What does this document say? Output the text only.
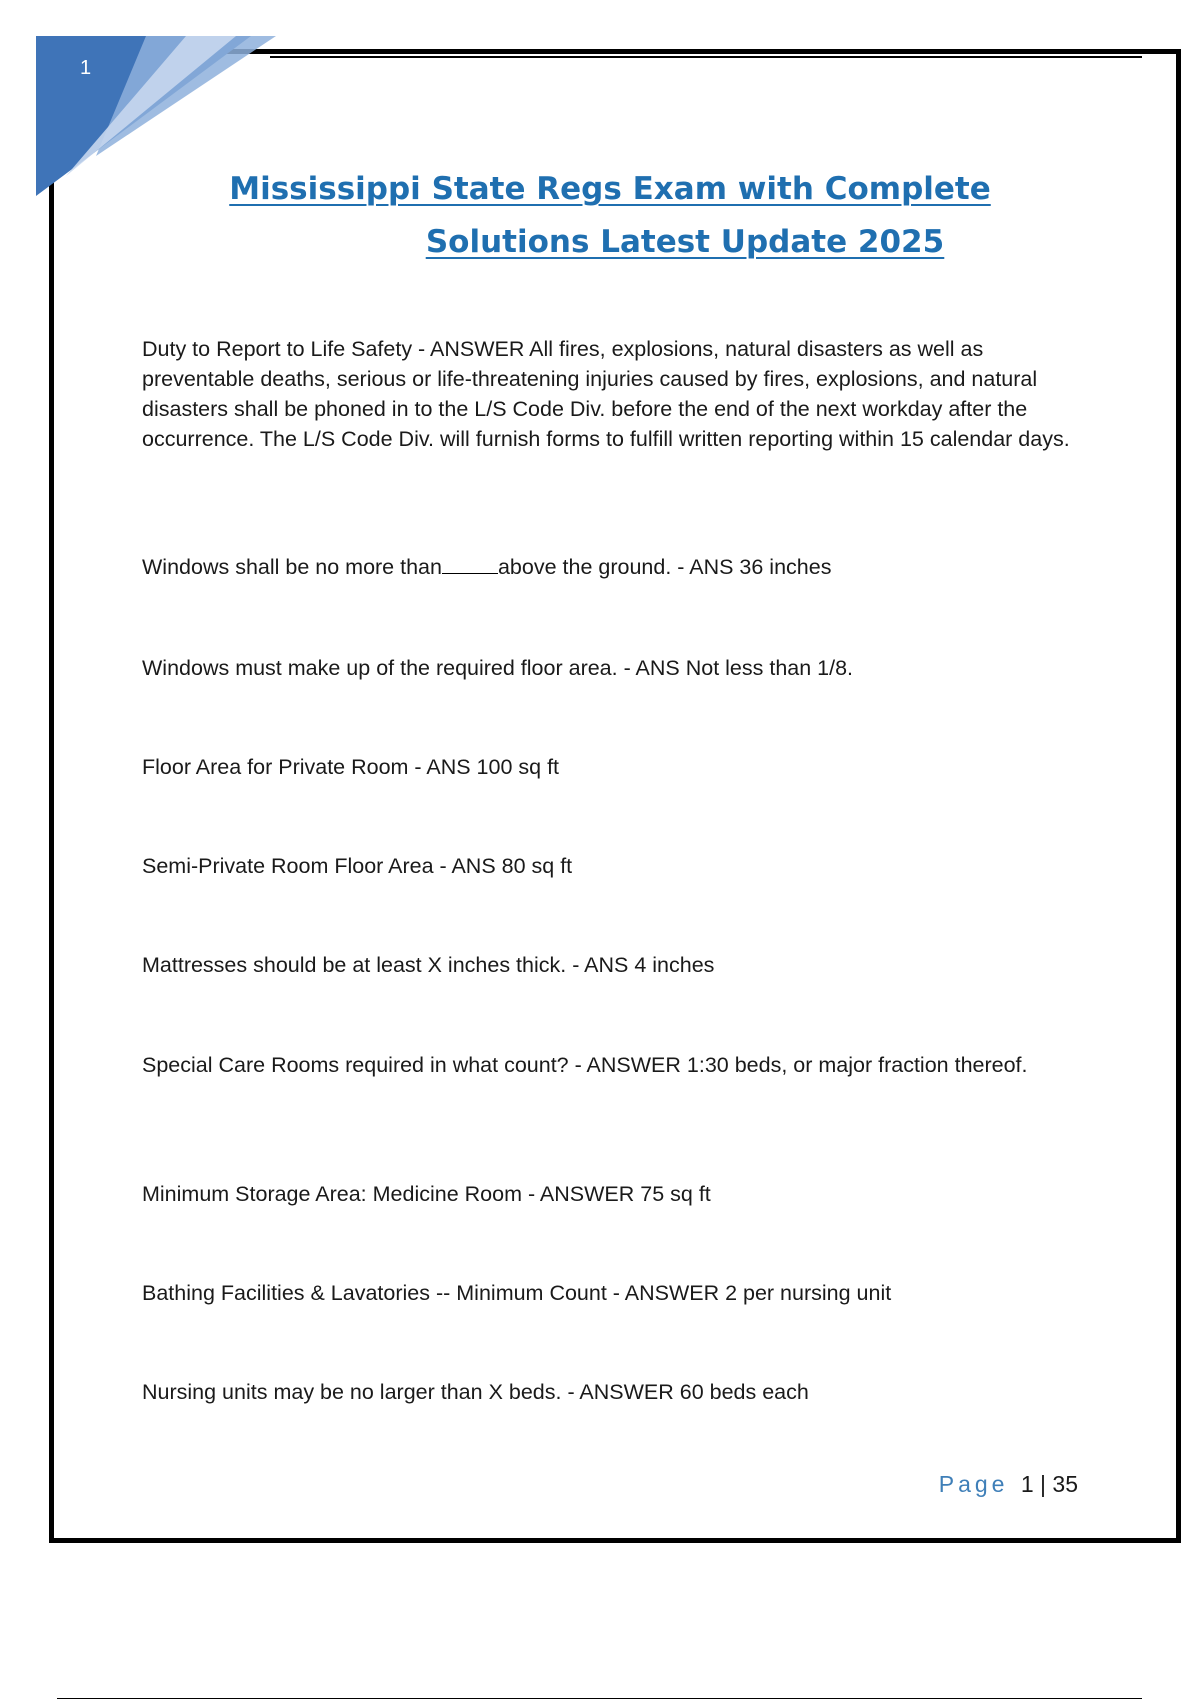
1
Mississippi State Regs Exam with Complete
Solutions Latest Update 2025
Duty to Report to Life Safety - ANSWER All fires, explosions, natural disasters as well as preventable deaths, serious or life-threatening injuries caused by fires, explosions, and natural disasters shall be phoned in to the L/S Code Div. before the end of the next workday after the occurrence. The L/S Code Div. will furnish forms to fulfill written reporting within 15 calendar days.
Windows shall be no more than	above the ground. - ANS 36 inches
Windows must make up of the required floor area. - ANS Not less than 1/8.
Floor Area for Private Room - ANS 100 sq ft
Semi-Private Room Floor Area - ANS 80 sq ft
Mattresses should be at least X inches thick. - ANS 4 inches
Special Care Rooms required in what count? - ANSWER 1:30 beds, or major fraction thereof.
Minimum Storage Area: Medicine Room - ANSWER 75 sq ft
Bathing Facilities & Lavatories -- Minimum Count - ANSWER 2 per nursing unit
Nursing units may be no larger than X beds. - ANSWER 60 beds each
Page 1 | 35
